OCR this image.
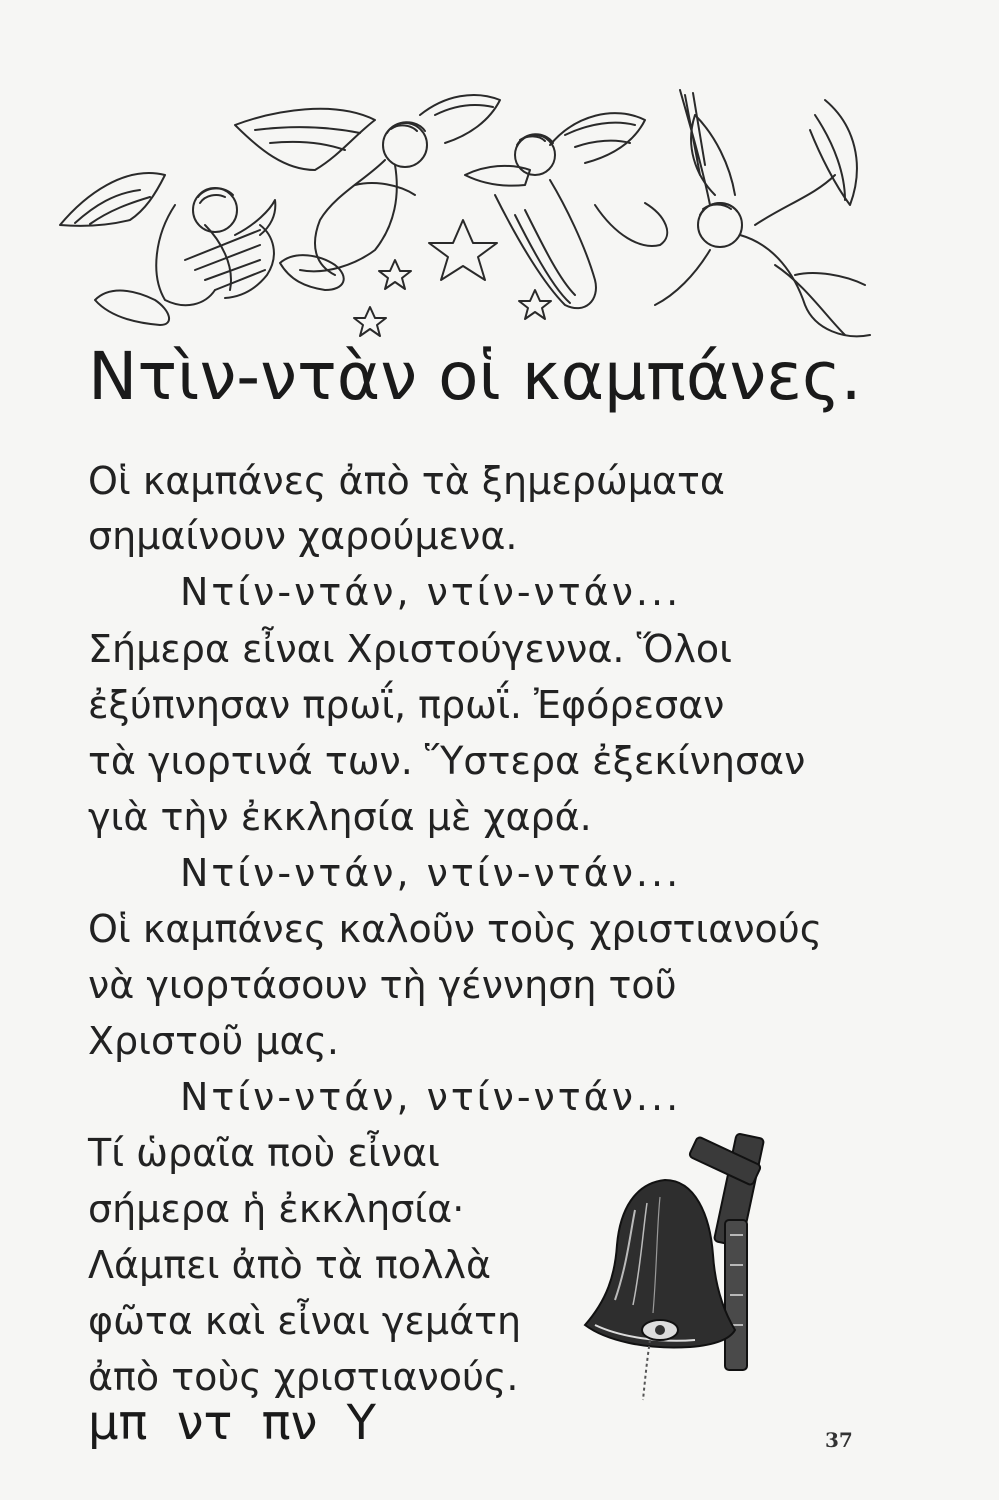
Ντὶν-ντὰν οἱ καμπάνες.
Οἱ καμπάνες ἀπὸ τὰ ξημερώματα
σημαίνουν χαρούμενα.
Ντίν-ντάν, ντίν-ντάν...
Σήμερα εἶναι Χριστούγεννα. Ὅλοι
ἐξύπνησαν πρωΐ, πρωΐ. Ἐφόρεσαν
τὰ γιορτινά των. Ὕστερα ἐξεκίνησαν
γιὰ τὴν ἐκκλησία μὲ χαρά.
Ντίν-ντάν, ντίν-ντάν...
Οἱ καμπάνες καλοῦν τοὺς χριστιανούς
νὰ γιορτάσουν τὴ γέννηση τοῦ
Χριστοῦ μας.
Ντίν-ντάν, ντίν-ντάν...
Τί ὡραῖα ποὺ εἶναι
σήμερα ἡ ἐκκλησία·
Λάμπει ἀπὸ τὰ πολλὰ
φῶτα καὶ εἶναι γεμάτη
ἀπὸ τοὺς χριστιανούς.
μπ ντ πν Υ	37
